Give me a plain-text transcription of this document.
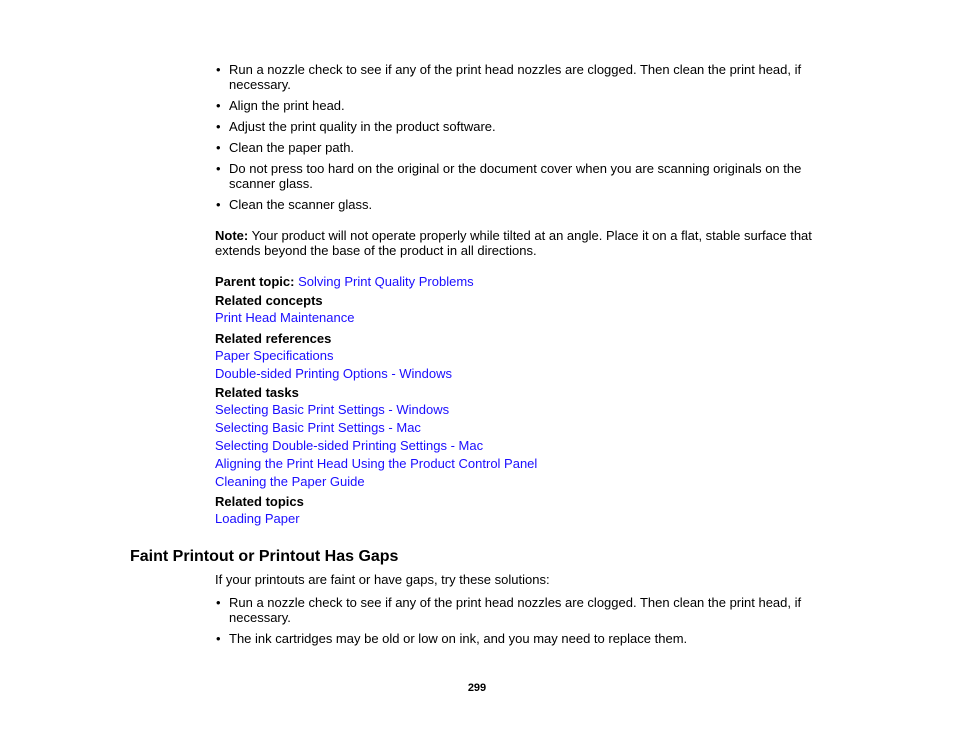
• Run a nozzle check to see if any of the print head nozzles are clogged. Then clean the print head, if necessary.
• Align the print head.
• Adjust the print quality in the product software.
• Clean the paper path.
• Do not press too hard on the original or the document cover when you are scanning originals on the scanner glass.
• Clean the scanner glass.

Note: Your product will not operate properly while tilted at an angle. Place it on a flat, stable surface that extends beyond the base of the product in all directions.

Parent topic: Solving Print Quality Problems
Related concepts
Print Head Maintenance
Related references
Paper Specifications
Double-sided Printing Options - Windows
Related tasks
Selecting Basic Print Settings - Windows
Selecting Basic Print Settings - Mac
Selecting Double-sided Printing Settings - Mac
Aligning the Print Head Using the Product Control Panel
Cleaning the Paper Guide
Related topics
Loading Paper
Faint Printout or Printout Has Gaps

If your printouts are faint or have gaps, try these solutions:

• Run a nozzle check to see if any of the print head nozzles are clogged. Then clean the print head, if necessary.
• The ink cartridges may be old or low on ink, and you may need to replace them.
299
